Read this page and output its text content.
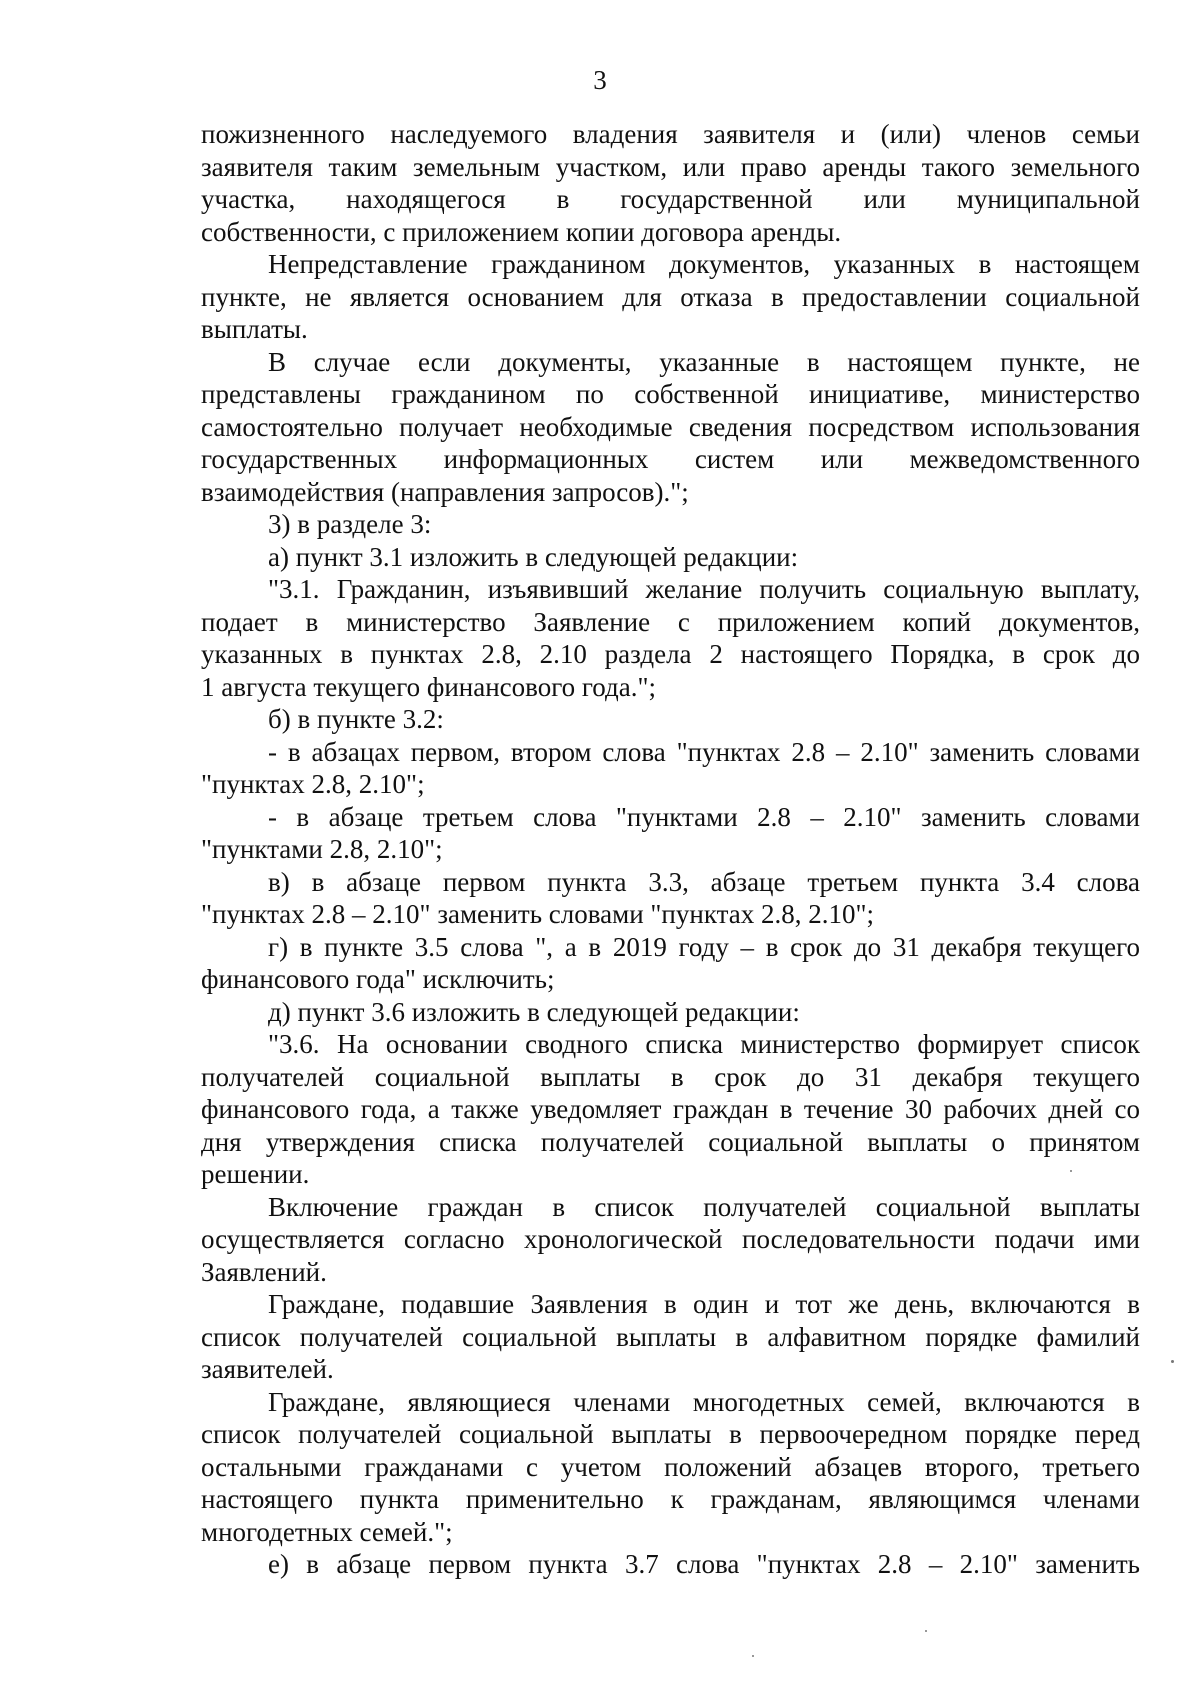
3
пожизненного наследуемого владения заявителя и (или) членов семьи
заявителя таким земельным участком, или право аренды такого земельного
участка, находящегося в государственной или муниципальной
собственности, с приложением копии договора аренды.
Непредставление гражданином документов, указанных в настоящем
пункте, не является основанием для отказа в предоставлении социальной
выплаты.
В случае если документы, указанные в настоящем пункте, не
представлены гражданином по собственной инициативе, министерство
самостоятельно получает необходимые сведения посредством использования
государственных информационных систем или межведомственного
взаимодействия (направления запросов).";
3) в разделе 3:
а) пункт 3.1 изложить в следующей редакции:
"3.1. Гражданин, изъявивший желание получить социальную выплату,
подает в министерство Заявление с приложением копий документов,
указанных в пунктах 2.8, 2.10 раздела 2 настоящего Порядка, в срок до
1 августа текущего финансового года.";
б) в пункте 3.2:
- в абзацах первом, втором слова "пунктах 2.8 – 2.10" заменить словами
"пунктах 2.8, 2.10";
- в абзаце третьем слова "пунктами 2.8 – 2.10" заменить словами
"пунктами 2.8, 2.10";
в) в абзаце первом пункта 3.3, абзаце третьем пункта 3.4 слова
"пунктах 2.8 – 2.10" заменить словами "пунктах 2.8, 2.10";
г) в пункте 3.5 слова ", а в 2019 году – в срок до 31 декабря текущего
финансового года" исключить;
д) пункт 3.6 изложить в следующей редакции:
"3.6. На основании сводного списка министерство формирует список
получателей социальной выплаты в срок до 31 декабря текущего
финансового года, а также уведомляет граждан в течение 30 рабочих дней со
дня утверждения списка получателей социальной выплаты о принятом
решении.
Включение граждан в список получателей социальной выплаты
осуществляется согласно хронологической последовательности подачи ими
Заявлений.
Граждане, подавшие Заявления в один и тот же день, включаются в
список получателей социальной выплаты в алфавитном порядке фамилий
заявителей.
Граждане, являющиеся членами многодетных семей, включаются в
список получателей социальной выплаты в первоочередном порядке перед
остальными гражданами с учетом положений абзацев второго, третьего
настоящего пункта применительно к гражданам, являющимся членами
многодетных семей.";
е) в абзаце первом пункта 3.7 слова "пунктах 2.8 – 2.10" заменить
